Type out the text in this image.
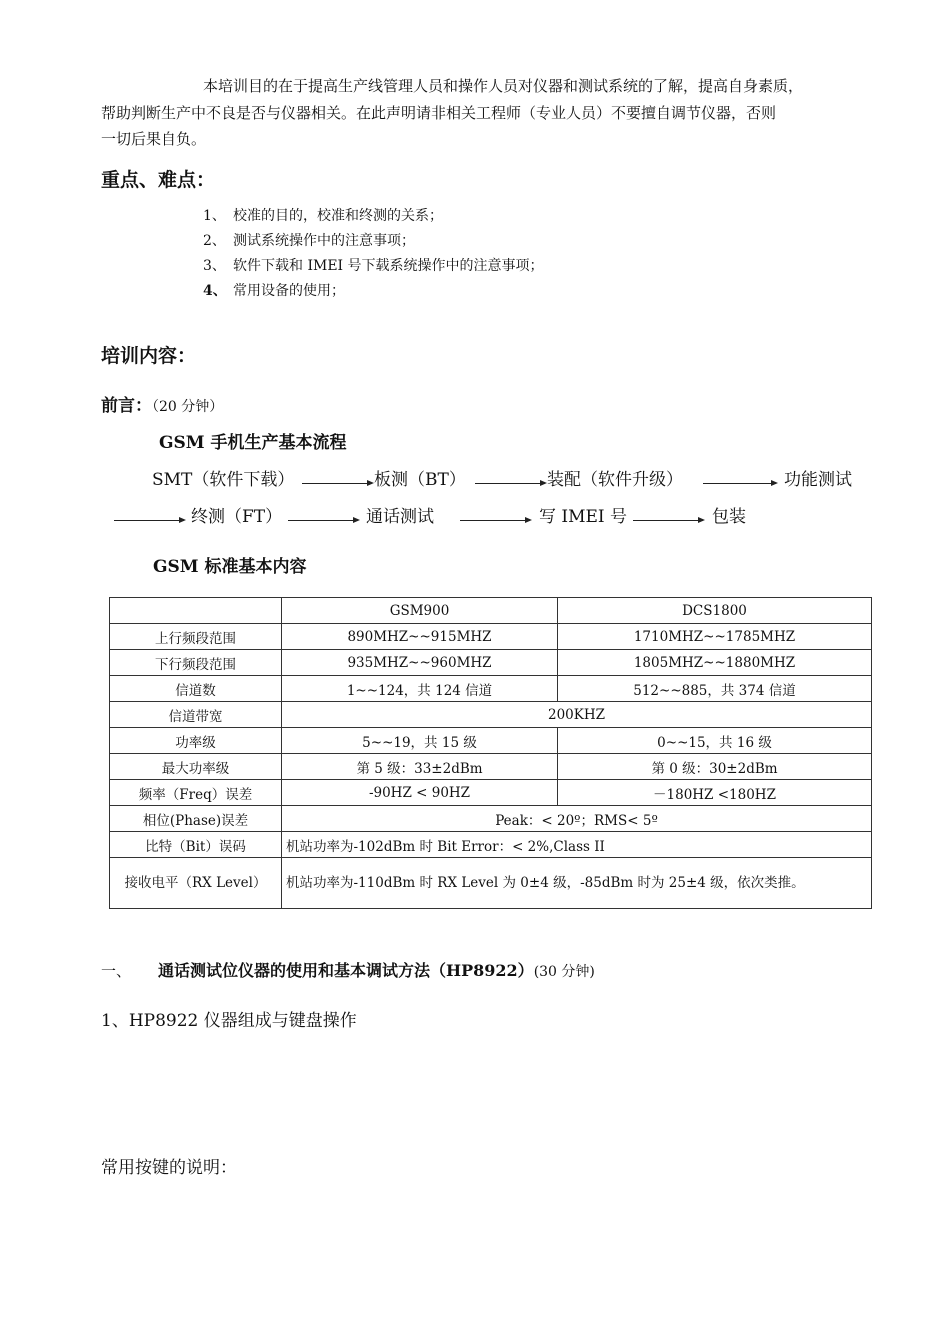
本培训目的在于提高生产线管理人员和操作人员对仪器和测试系统的了解，提高自身素质，
帮助判断生产中不良是否与仪器相关。在此声明请非相关工程师（专业人员）不要擅自调节仪器，否则
一切后果自负。
重点、难点：
1、 校准的目的，校准和终测的关系；
2、 测试系统操作中的注意事项；
3、 软件下载和 IMEI 号下载系统操作中的注意事项；
4、 常用设备的使用；
培训内容：
前言：（20 分钟）
GSM 手机生产基本流程
SMT（软件下载）	板测（BT）	装配（软件升级）	功能测试
终测（FT）	通话测试	写 IMEI 号	包装
GSM 标准基本内容
	GSM900	DCS1800
上行频段范围	890MHZ~~915MHZ	1710MHZ~~1785MHZ
下行频段范围	935MHZ~~960MHZ	1805MHZ~~1880MHZ
信道数	1~~124，共 124 信道	512~~885，共 374 信道
信道带宽	200KHZ	
功率级	5~~19，共 15 级	0~~15，共 16 级
最大功率级	第 5 级：33±2dBm	第 0 级：30±2dBm
频率（Freq）误差	-90HZ < 90HZ	－180HZ <180HZ
相位(Phase)误差	Peak：< 20º；RMS< 5º	
比特（Bit）误码	机站功率为-102dBm 时 Bit Error：< 2%,Class II	
接收电平（RX Level）	机站功率为-110dBm 时 RX Level 为 0±4 级，-85dBm 时为 25±4 级，依次类推。	
一、 通话测试位仪器的使用和基本调试方法（HP8922）(30 分钟)
1、HP8922 仪器组成与键盘操作
常用按键的说明：
